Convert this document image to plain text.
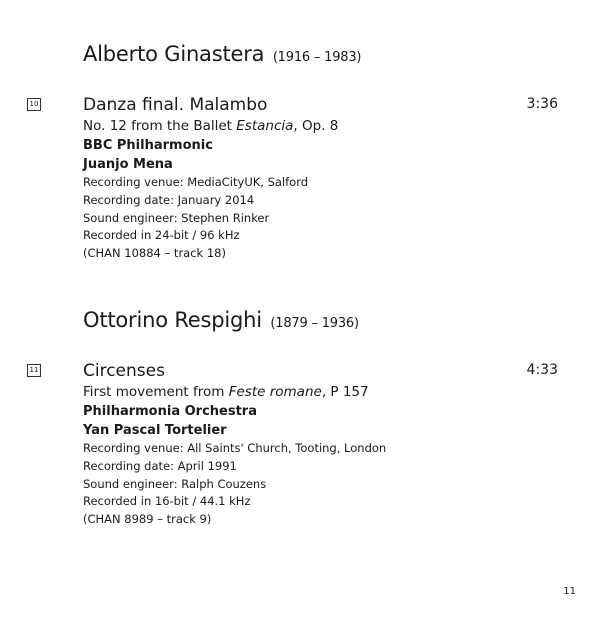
Alberto Ginastera (1916 – 1983)
10	Danza final. Malambo	3:36
No. 12 from the Ballet Estancia, Op. 8
BBC Philharmonic
Juanjo Mena
Recording venue: MediaCityUK, Salford
Recording date: January 2014
Sound engineer: Stephen Rinker
Recorded in 24-bit / 96 kHz
(CHAN 10884 – track 18)
Ottorino Respighi (1879 – 1936)
11	Circenses	4:33
First movement from Feste romane, P 157
Philharmonia Orchestra
Yan Pascal Tortelier
Recording venue: All Saints' Church, Tooting, London
Recording date: April 1991
Sound engineer: Ralph Couzens
Recorded in 16-bit / 44.1 kHz
(CHAN 8989 – track 9)
11
